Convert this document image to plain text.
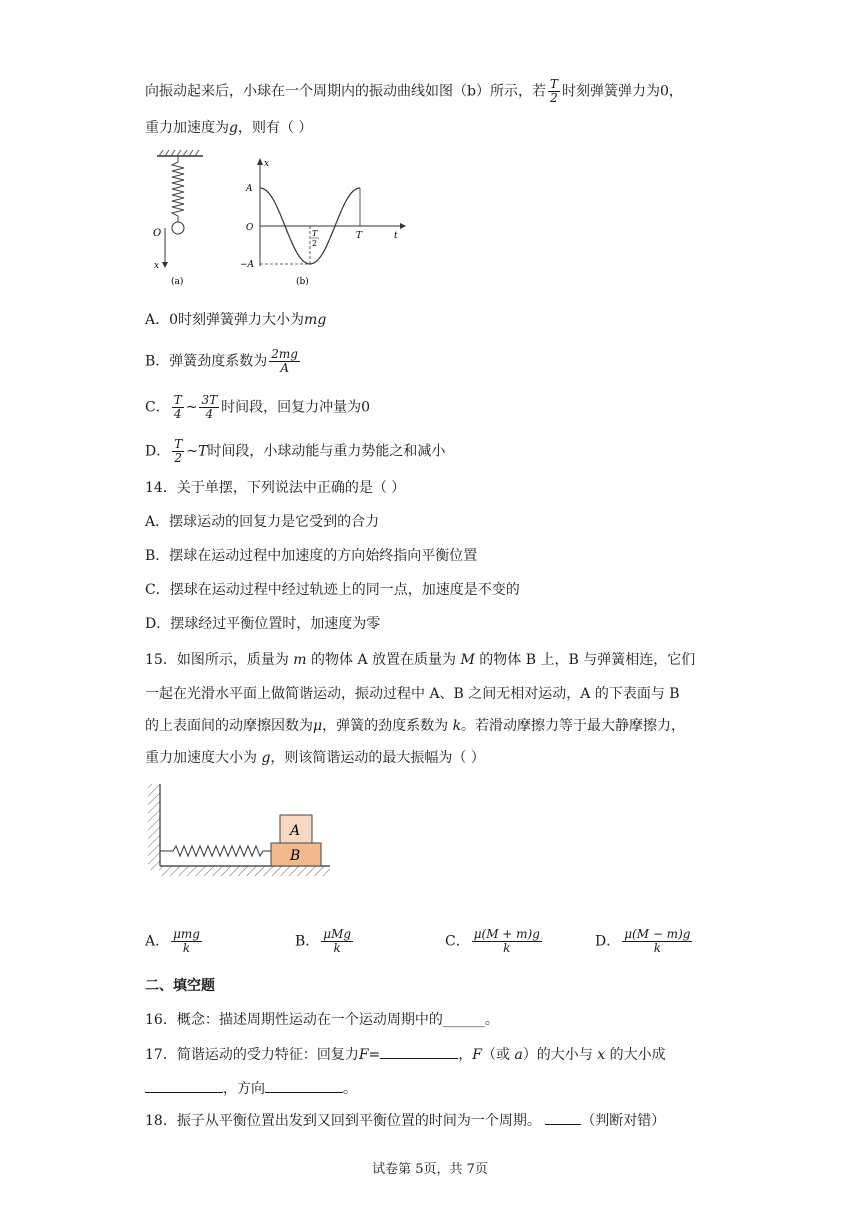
向振动起来后，小球在一个周期内的振动曲线如图（b）所示，若 $\frac{T}{2}$ 时刻弹簧弹力为0，
重力加速度为g，则有（ ）
O
x
(a)
x
A
O
−A
T
2
T	t
(b)
A．0时刻弹簧弹力大小为mg
B．弹簧劲度系数为 $\frac{2mg}{A}$
C． $\frac{T}{4}$ ~ $\frac{3T}{4}$ 时间段，回复力冲量为0
D． $\frac{T}{2}$ ~T时间段，小球动能与重力势能之和减小
14．关于单摆，下列说法中正确的是（ ）
A．摆球运动的回复力是它受到的合力
B．摆球在运动过程中加速度的方向始终指向平衡位置
C．摆球在运动过程中经过轨迹上的同一点，加速度是不变的
D．摆球经过平衡位置时，加速度为零
15．如图所示，质量为 m 的物体 A 放置在质量为 M 的物体 B 上，B 与弹簧相连，它们
一起在光滑水平面上做简谐运动，振动过程中 A、B 之间无相对运动，A 的下表面与 B
的上表面间的动摩擦因数为μ，弹簧的劲度系数为 k。若滑动摩擦力等于最大静摩擦力，
重力加速度大小为 g，则该简谐运动的最大振幅为（ ）
A
B
A． $\frac{\text{μmg}}{k}$	B． $\frac{\text{μMg}}{k}$	C． $\frac{\mu(M + m)g}{k}$	D． $\frac{\mu(M - m)g}{k}$
二、填空题
16．概念：描述周期性运动在一个运动周期中的______。
17．简谐运动的受力特征：回复力F=	，F（或 a）的大小与 x 的大小成
，方向	。
18．振子从平衡位置出发到又回到平衡位置的时间为一个周期。	（判断对错）
试卷第 5页，共 7页
